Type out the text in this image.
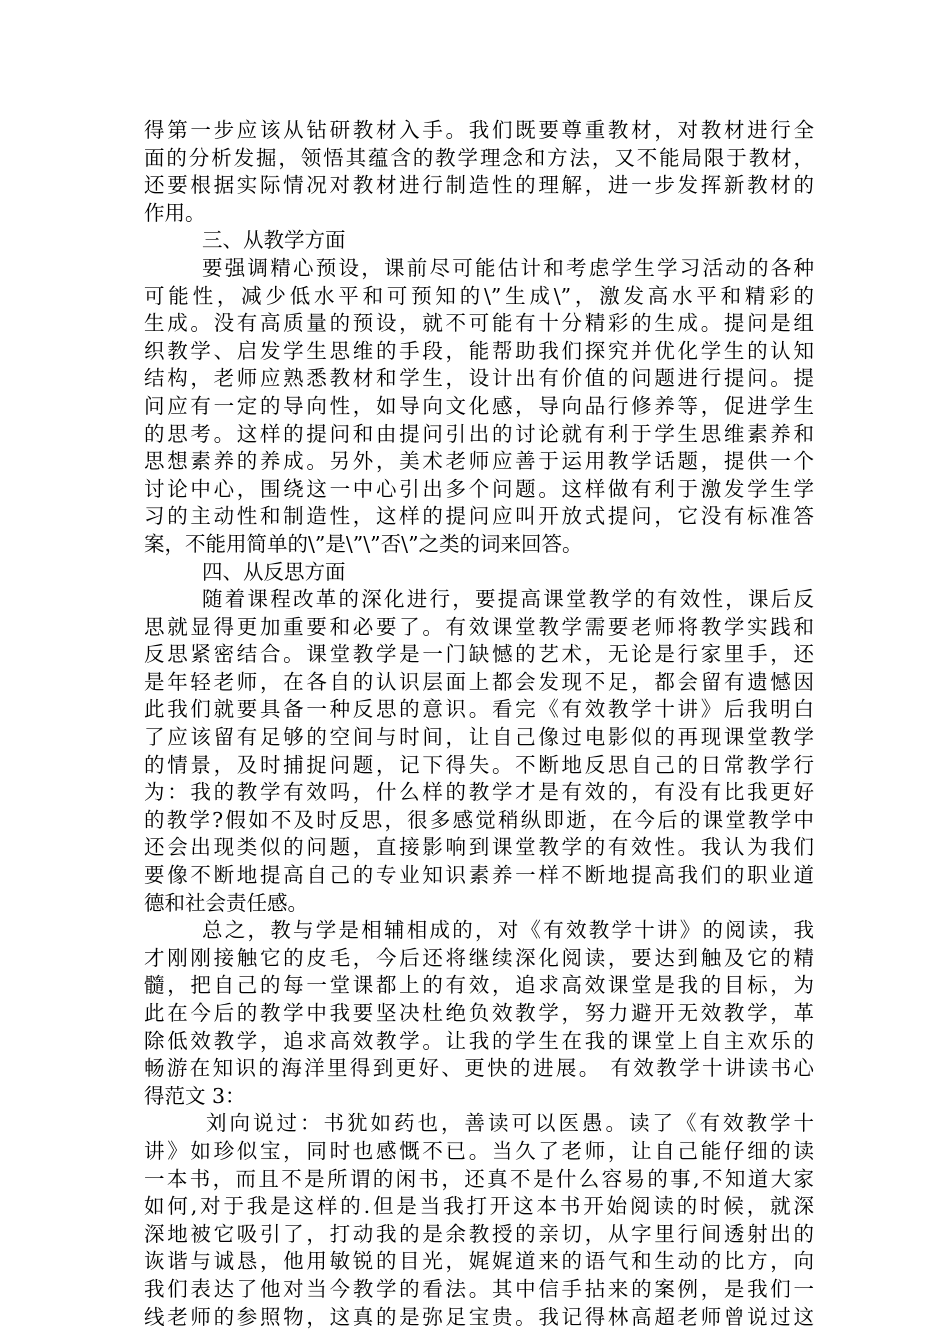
得第一步应该从钻研教材入手。我们既要尊重教材，对教材进行全
面的分析发掘，领悟其蕴含的教学理念和方法，又不能局限于教材，
还要根据实际情况对教材进行制造性的理解，进一步发挥新教材的
作用。
三、从教学方面
要强调精心预设，课前尽可能估计和考虑学生学习活动的各种
可能性，减少低水平和可预知的\”生成\”，激发高水平和精彩的
生成。没有高质量的预设，就不可能有十分精彩的生成。提问是组
织教学、启发学生思维的手段，能帮助我们探究并优化学生的认知
结构，老师应熟悉教材和学生，设计出有价值的问题进行提问。提
问应有一定的导向性，如导向文化感，导向品行修养等，促进学生
的思考。这样的提问和由提问引出的讨论就有利于学生思维素养和
思想素养的养成。另外，美术老师应善于运用教学话题，提供一个
讨论中心，围绕这一中心引出多个问题。这样做有利于激发学生学
习的主动性和制造性，这样的提问应叫开放式提问，它没有标准答
案，不能用简单的\”是\”\”否\”之类的词来回答。
四、从反思方面
随着课程改革的深化进行，要提高课堂教学的有效性，课后反
思就显得更加重要和必要了。有效课堂教学需要老师将教学实践和
反思紧密结合。课堂教学是一门缺憾的艺术，无论是行家里手，还
是年轻老师，在各自的认识层面上都会发现不足，都会留有遗憾因
此我们就要具备一种反思的意识。看完《有效教学十讲》后我明白
了应该留有足够的空间与时间，让自己像过电影似的再现课堂教学
的情景，及时捕捉问题，记下得失。不断地反思自己的日常教学行
为：我的教学有效吗，什么样的教学才是有效的，有没有比我更好
的教学?假如不及时反思，很多感觉稍纵即逝，在今后的课堂教学中
还会出现类似的问题，直接影响到课堂教学的有效性。我认为我们
要像不断地提高自己的专业知识素养一样不断地提高我们的职业道
德和社会责任感。
总之，教与学是相辅相成的，对《有效教学十讲》的阅读，我
才刚刚接触它的皮毛，今后还将继续深化阅读，要达到触及它的精
髓，把自己的每一堂课都上的有效，追求高效课堂是我的目标，为
此在今后的教学中我要坚决杜绝负效教学，努力避开无效教学，革
除低效教学，追求高效教学。让我的学生在我的课堂上自主欢乐的
畅游在知识的海洋里得到更好、更快的进展。 有效教学十讲读书心
得范文 3：
刘向说过：书犹如药也，善读可以医愚。读了《有效教学十
讲》如珍似宝，同时也感慨不已。当久了老师，让自己能仔细的读
一本书，而且不是所谓的闲书，还真不是什么容易的事,不知道大家
如何,对于我是这样的.但是当我打开这本书开始阅读的时候，就深
深地被它吸引了，打动我的是余教授的亲切，从字里行间透射出的
诙谐与诚恳，他用敏锐的目光，娓娓道来的语气和生动的比方，向
我们表达了他对当今教学的看法。其中信手拈来的案例，是我们一
线老师的参照物，这真的是弥足宝贵。我记得林高超老师曾说过这
